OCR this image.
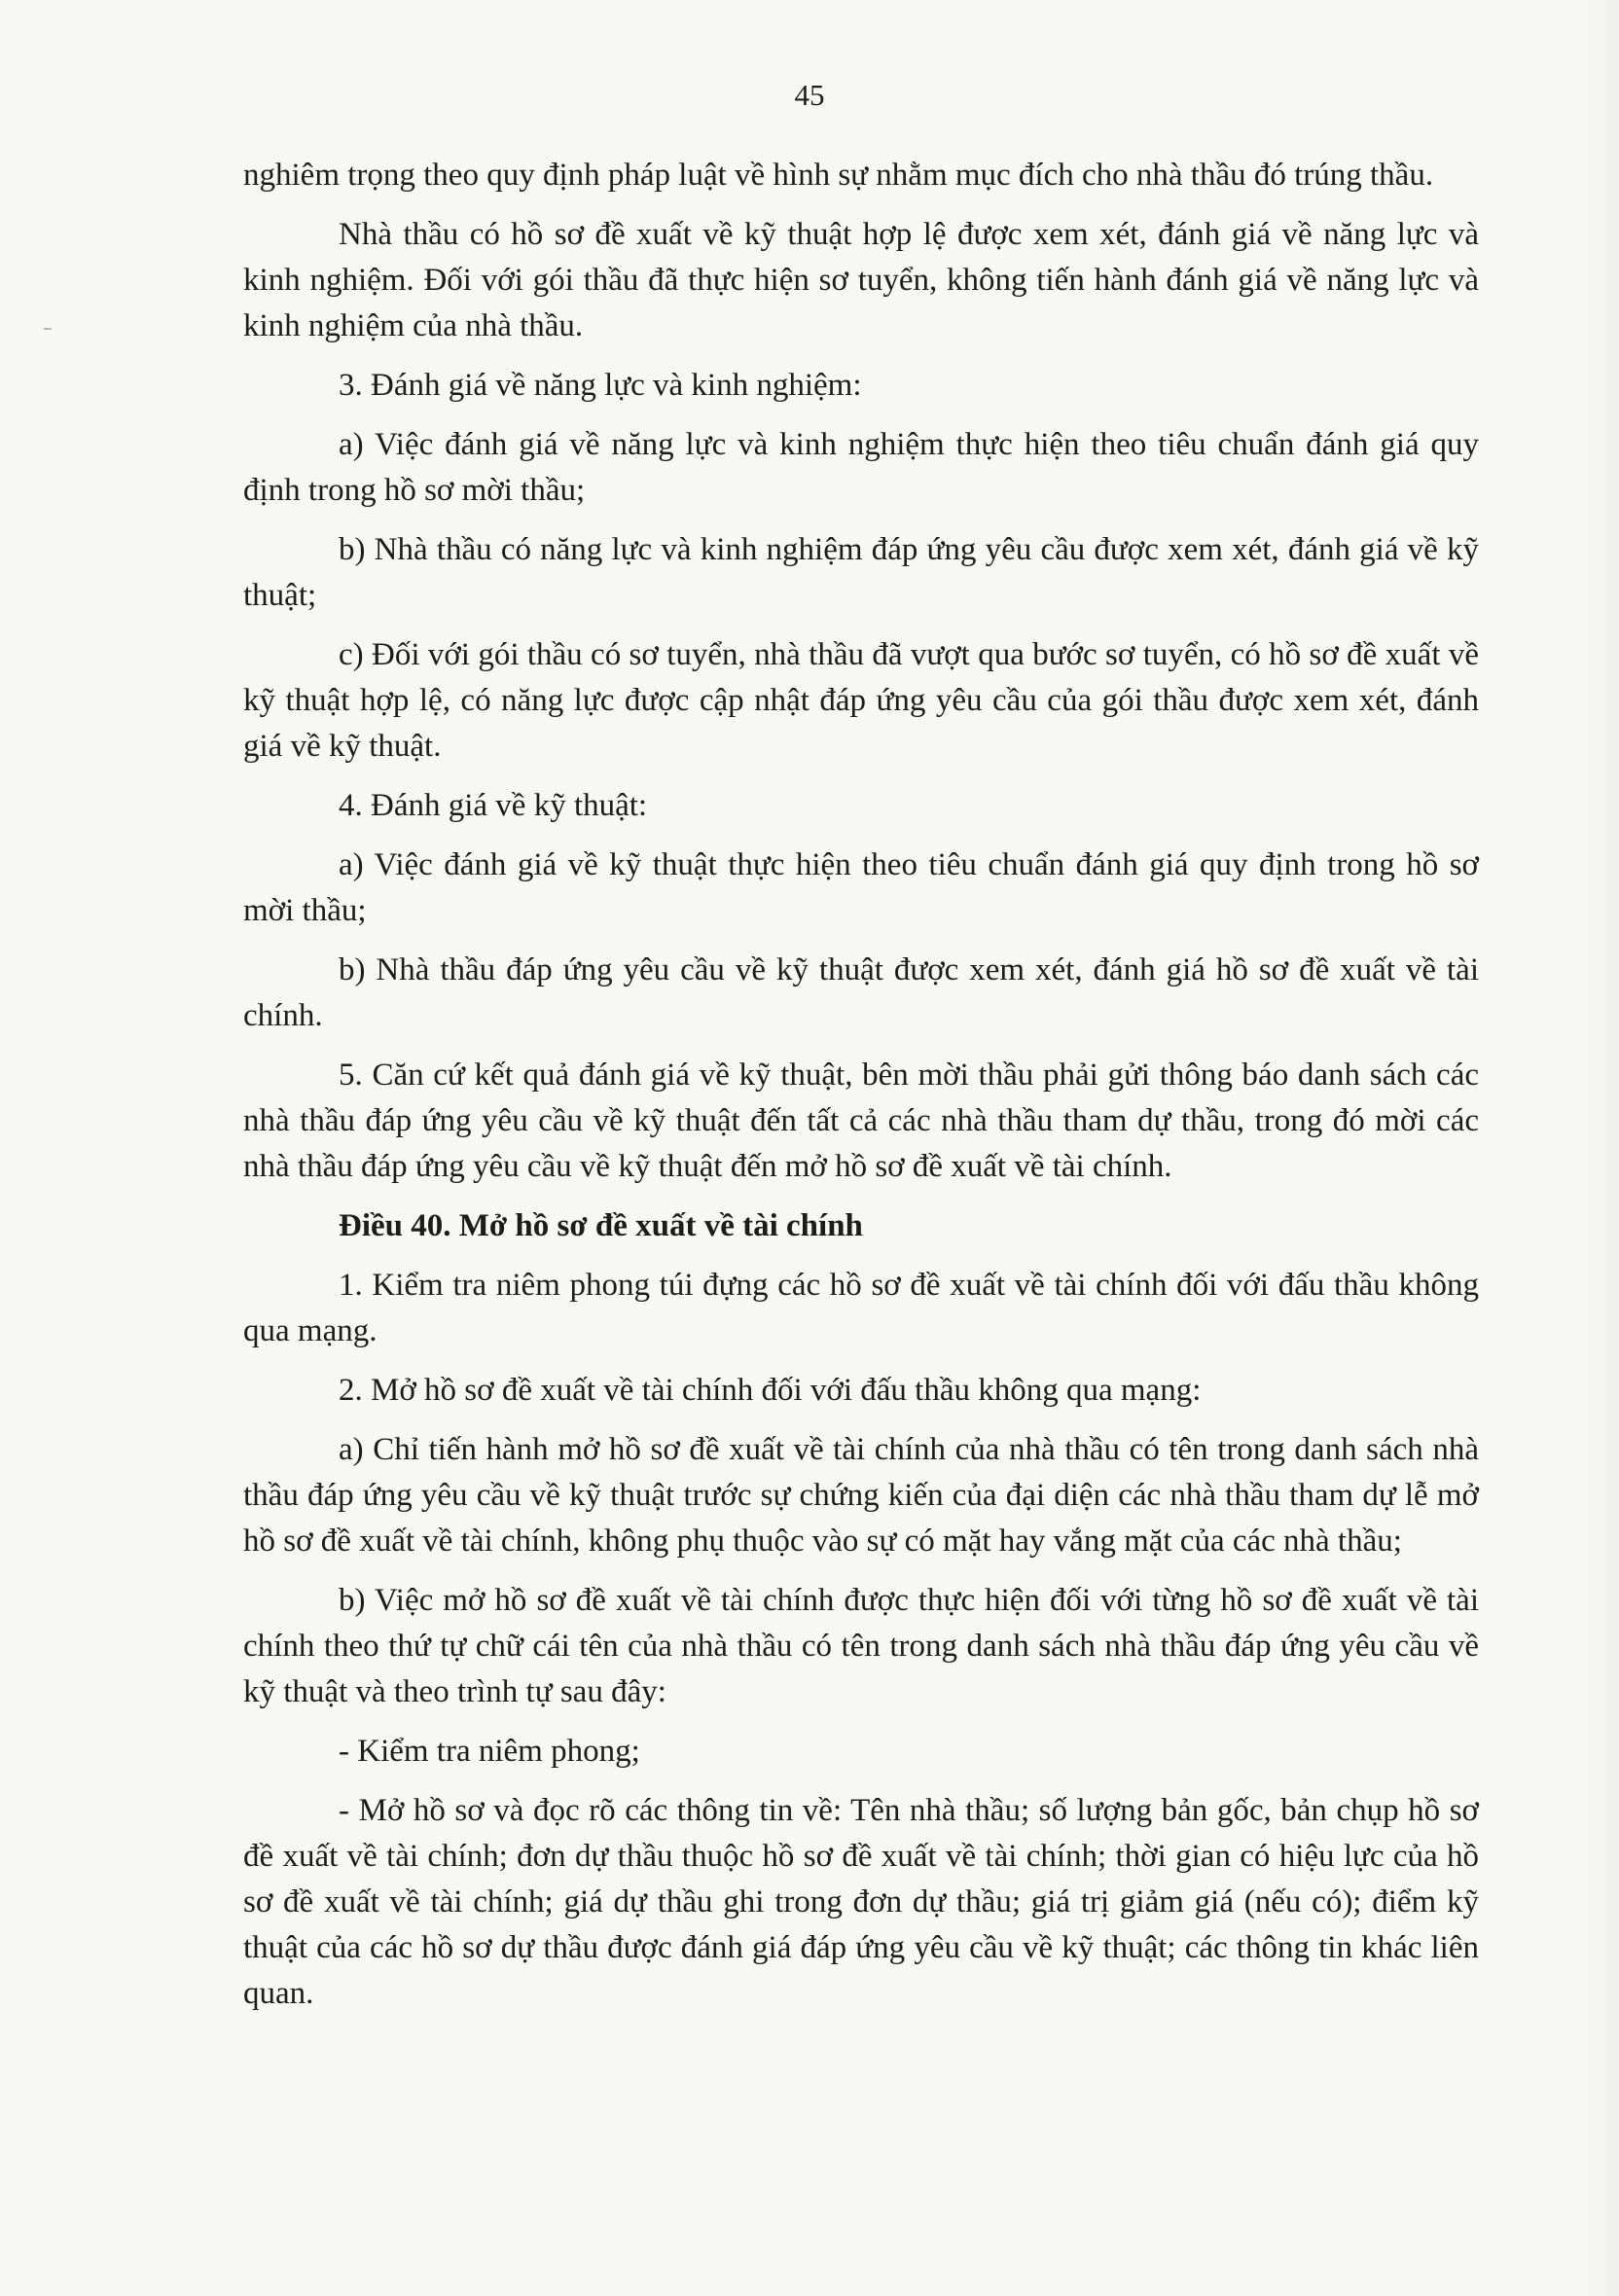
45

nghiêm trọng theo quy định pháp luật về hình sự nhằm mục đích cho nhà thầu đó trúng thầu.

Nhà thầu có hồ sơ đề xuất về kỹ thuật hợp lệ được xem xét, đánh giá về năng lực và kinh nghiệm. Đối với gói thầu đã thực hiện sơ tuyển, không tiến hành đánh giá về năng lực và kinh nghiệm của nhà thầu.

3. Đánh giá về năng lực và kinh nghiệm:

a) Việc đánh giá về năng lực và kinh nghiệm thực hiện theo tiêu chuẩn đánh giá quy định trong hồ sơ mời thầu;

b) Nhà thầu có năng lực và kinh nghiệm đáp ứng yêu cầu được xem xét, đánh giá về kỹ thuật;

c) Đối với gói thầu có sơ tuyển, nhà thầu đã vượt qua bước sơ tuyển, có hồ sơ đề xuất về kỹ thuật hợp lệ, có năng lực được cập nhật đáp ứng yêu cầu của gói thầu được xem xét, đánh giá về kỹ thuật.

4. Đánh giá về kỹ thuật:

a) Việc đánh giá về kỹ thuật thực hiện theo tiêu chuẩn đánh giá quy định trong hồ sơ mời thầu;

b) Nhà thầu đáp ứng yêu cầu về kỹ thuật được xem xét, đánh giá hồ sơ đề xuất về tài chính.

5. Căn cứ kết quả đánh giá về kỹ thuật, bên mời thầu phải gửi thông báo danh sách các nhà thầu đáp ứng yêu cầu về kỹ thuật đến tất cả các nhà thầu tham dự thầu, trong đó mời các nhà thầu đáp ứng yêu cầu về kỹ thuật đến mở hồ sơ đề xuất về tài chính.

Điều 40. Mở hồ sơ đề xuất về tài chính

1. Kiểm tra niêm phong túi đựng các hồ sơ đề xuất về tài chính đối với đấu thầu không qua mạng.

2. Mở hồ sơ đề xuất về tài chính đối với đấu thầu không qua mạng:

a) Chỉ tiến hành mở hồ sơ đề xuất về tài chính của nhà thầu có tên trong danh sách nhà thầu đáp ứng yêu cầu về kỹ thuật trước sự chứng kiến của đại diện các nhà thầu tham dự lễ mở hồ sơ đề xuất về tài chính, không phụ thuộc vào sự có mặt hay vắng mặt của các nhà thầu;

b) Việc mở hồ sơ đề xuất về tài chính được thực hiện đối với từng hồ sơ đề xuất về tài chính theo thứ tự chữ cái tên của nhà thầu có tên trong danh sách nhà thầu đáp ứng yêu cầu về kỹ thuật và theo trình tự sau đây:

- Kiểm tra niêm phong;

- Mở hồ sơ và đọc rõ các thông tin về: Tên nhà thầu; số lượng bản gốc, bản chụp hồ sơ đề xuất về tài chính; đơn dự thầu thuộc hồ sơ đề xuất về tài chính; thời gian có hiệu lực của hồ sơ đề xuất về tài chính; giá dự thầu ghi trong đơn dự thầu; giá trị giảm giá (nếu có); điểm kỹ thuật của các hồ sơ dự thầu được đánh giá đáp ứng yêu cầu về kỹ thuật; các thông tin khác liên quan.
